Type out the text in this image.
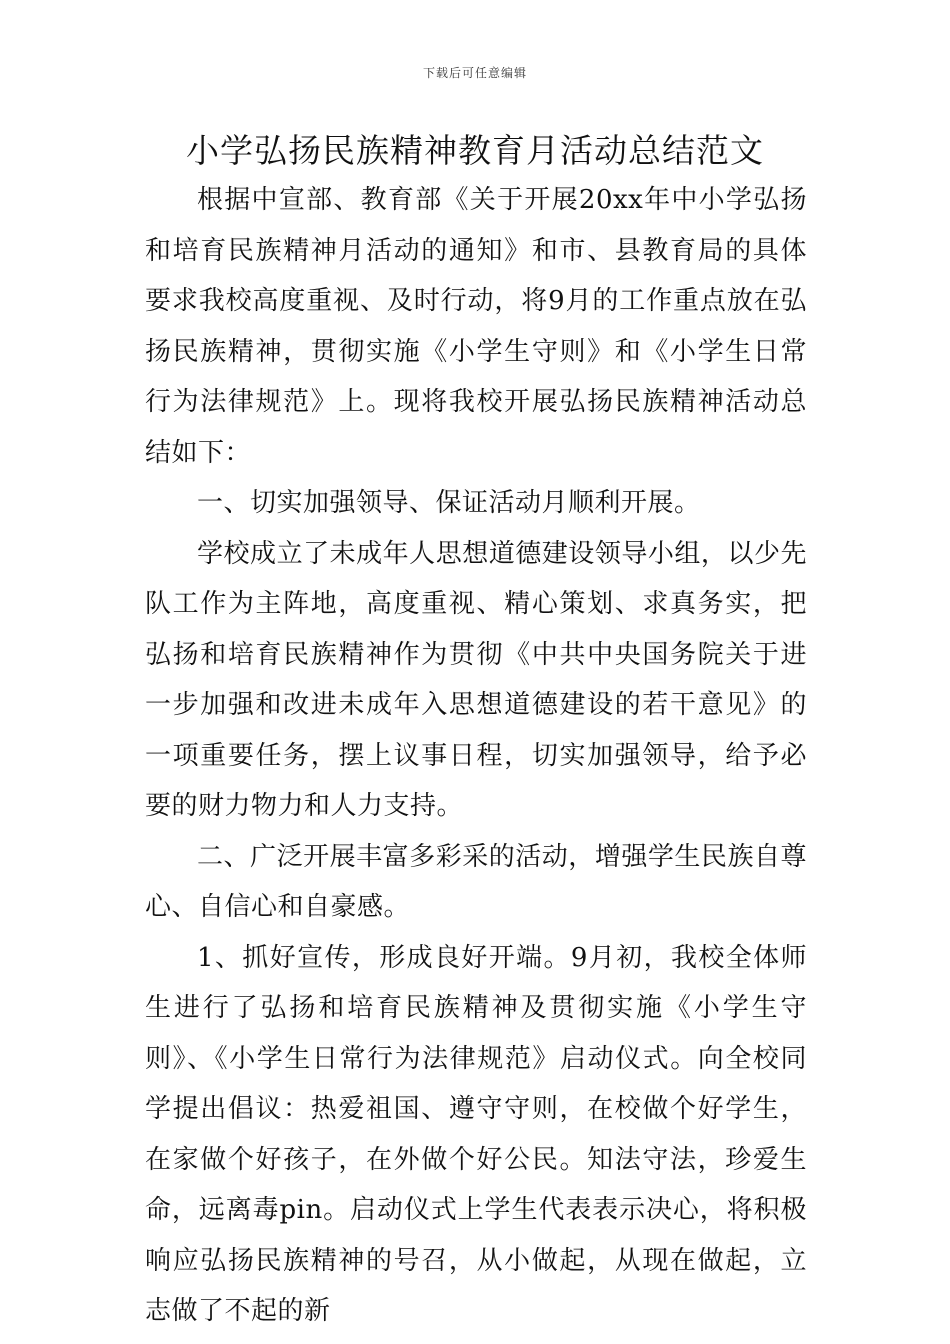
下载后可任意编辑
小学弘扬民族精神教育月活动总结范文

根据中宣部、教育部《关于开展20xx年中小学弘扬和培育民族精神月活动的通知》和市、县教育局的具体要求我校高度重视、及时行动，将9月的工作重点放在弘扬民族精神，贯彻实施《小学生守则》和《小学生日常行为法律规范》上。现将我校开展弘扬民族精神活动总结如下：

一、切实加强领导、保证活动月顺利开展。

学校成立了未成年人思想道德建设领导小组，以少先队工作为主阵地，高度重视、精心策划、求真务实，把弘扬和培育民族精神作为贯彻《中共中央国务院关于进一步加强和改进未成年入思想道德建设的若干意见》的一项重要任务，摆上议事日程，切实加强领导，给予必要的财力物力和人力支持。

二、广泛开展丰富多彩采的活动，增强学生民族自尊心、自信心和自豪感。

1、抓好宣传，形成良好开端。9月初，我校全体师生进行了弘扬和培育民族精神及贯彻实施《小学生守则》、《小学生日常行为法律规范》启动仪式。向全校同学提出倡议：热爱祖国、遵守守则，在校做个好学生，在家做个好孩子，在外做个好公民。知法守法，珍爱生命，远离毒pin。启动仪式上学生代表表示决心，将积极响应弘扬民族精神的号召，从小做起，从现在做起，立志做了不起的新
